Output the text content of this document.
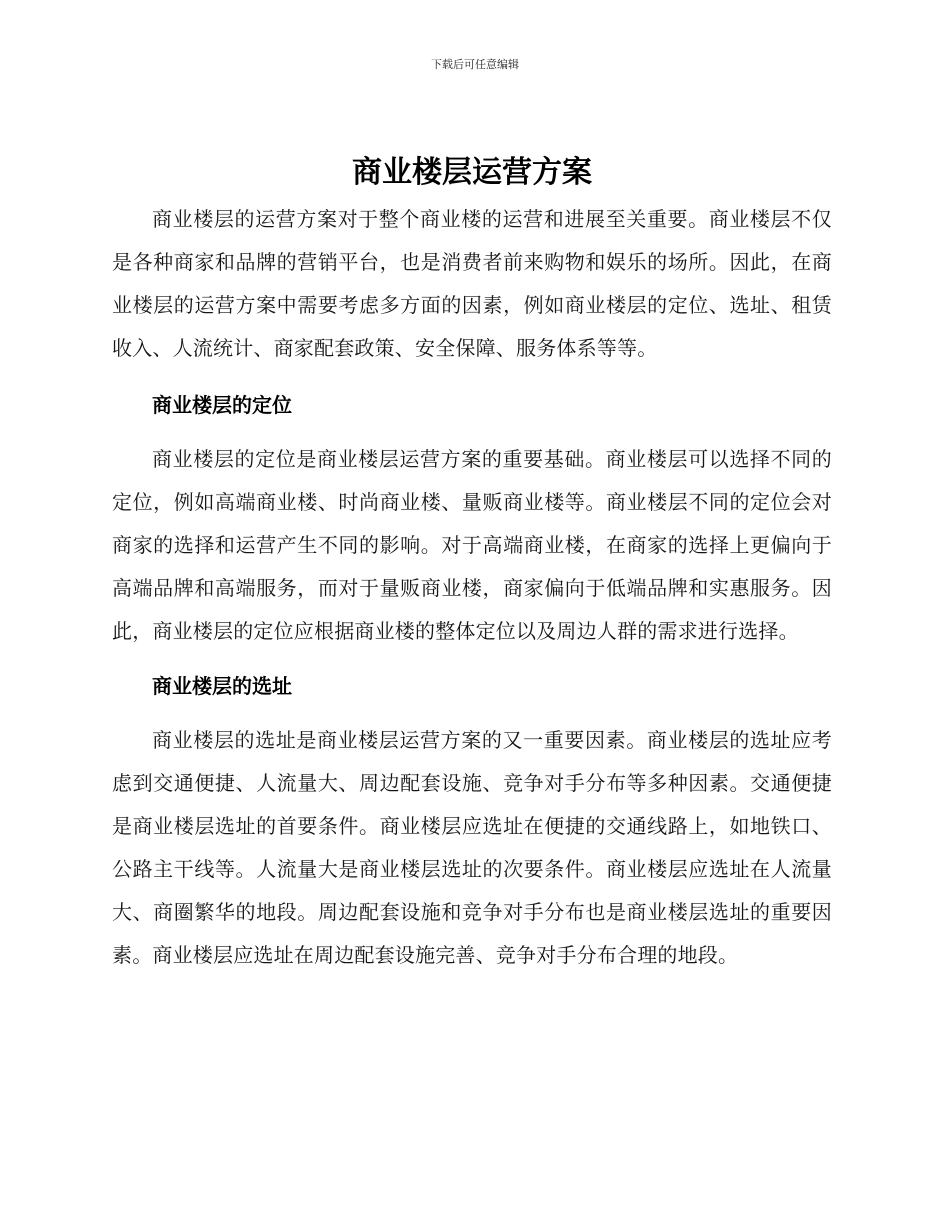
下载后可任意编辑
商业楼层运营方案

商业楼层的运营方案对于整个商业楼的运营和进展至关重要。商业楼层不仅是各种商家和品牌的营销平台，也是消费者前来购物和娱乐的场所。因此，在商业楼层的运营方案中需要考虑多方面的因素，例如商业楼层的定位、选址、租赁收入、人流统计、商家配套政策、安全保障、服务体系等等。

商业楼层的定位

商业楼层的定位是商业楼层运营方案的重要基础。商业楼层可以选择不同的定位，例如高端商业楼、时尚商业楼、量贩商业楼等。商业楼层不同的定位会对商家的选择和运营产生不同的影响。对于高端商业楼，在商家的选择上更偏向于高端品牌和高端服务，而对于量贩商业楼，商家偏向于低端品牌和实惠服务。因此，商业楼层的定位应根据商业楼的整体定位以及周边人群的需求进行选择。

商业楼层的选址

商业楼层的选址是商业楼层运营方案的又一重要因素。商业楼层的选址应考虑到交通便捷、人流量大、周边配套设施、竞争对手分布等多种因素。交通便捷是商业楼层选址的首要条件。商业楼层应选址在便捷的交通线路上，如地铁口、公路主干线等。人流量大是商业楼层选址的次要条件。商业楼层应选址在人流量大、商圈繁华的地段。周边配套设施和竞争对手分布也是商业楼层选址的重要因素。商业楼层应选址在周边配套设施完善、竞争对手分布合理的地段。
